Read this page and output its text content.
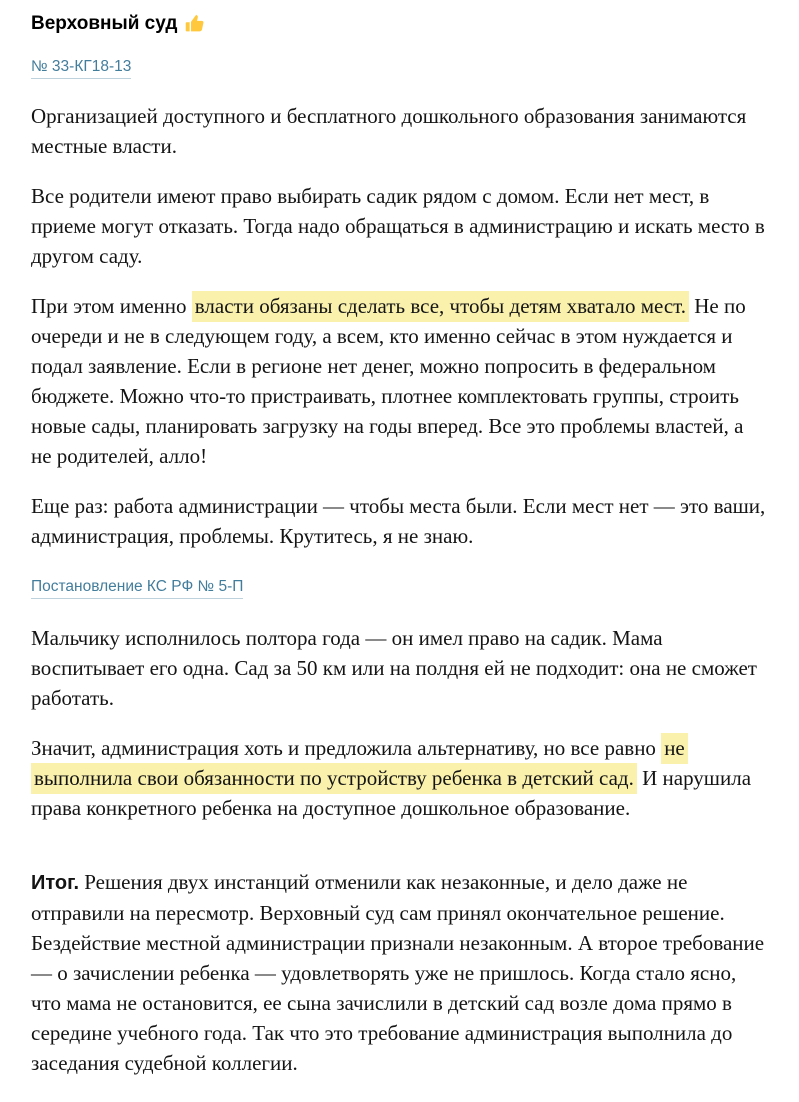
Верховный суд
№ 33-КГ18-13

Организацией доступного и бесплатного дошкольного образования занимаются местные власти.

Все родители имеют право выбирать садик рядом с домом. Если нет мест, в приеме могут отказать. Тогда надо обращаться в администрацию и искать место в другом саду.

При этом именно власти обязаны сделать все, чтобы детям хватало мест. Не по очереди и не в следующем году, а всем, кто именно сейчас в этом нуждается и подал заявление. Если в регионе нет денег, можно попросить в федеральном бюджете. Можно что-то пристраивать, плотнее комплектовать группы, строить новые сады, планировать загрузку на годы вперед. Все это проблемы властей, а не родителей, алло!

Еще раз: работа администрации — чтобы места были. Если мест нет — это ваши, администрация, проблемы. Крутитесь, я не знаю.

Постановление КС РФ № 5-П

Мальчику исполнилось полтора года — он имел право на садик. Мама воспитывает его одна. Сад за 50 км или на полдня ей не подходит: она не сможет работать.

Значит, администрация хоть и предложила альтернативу, но все равно не выполнила свои обязанности по устройству ребенка в детский сад. И нарушила права конкретного ребенка на доступное дошкольное образование.

Итог. Решения двух инстанций отменили как незаконные, и дело даже не отправили на пересмотр. Верховный суд сам принял окончательное решение. Бездействие местной администрации признали незаконным. А второе требование — о зачислении ребенка — удовлетворять уже не пришлось. Когда стало ясно, что мама не остановится, ее сына зачислили в детский сад возле дома прямо в середине учебного года. Так что это требование администрация выполнила до заседания судебной коллегии.
